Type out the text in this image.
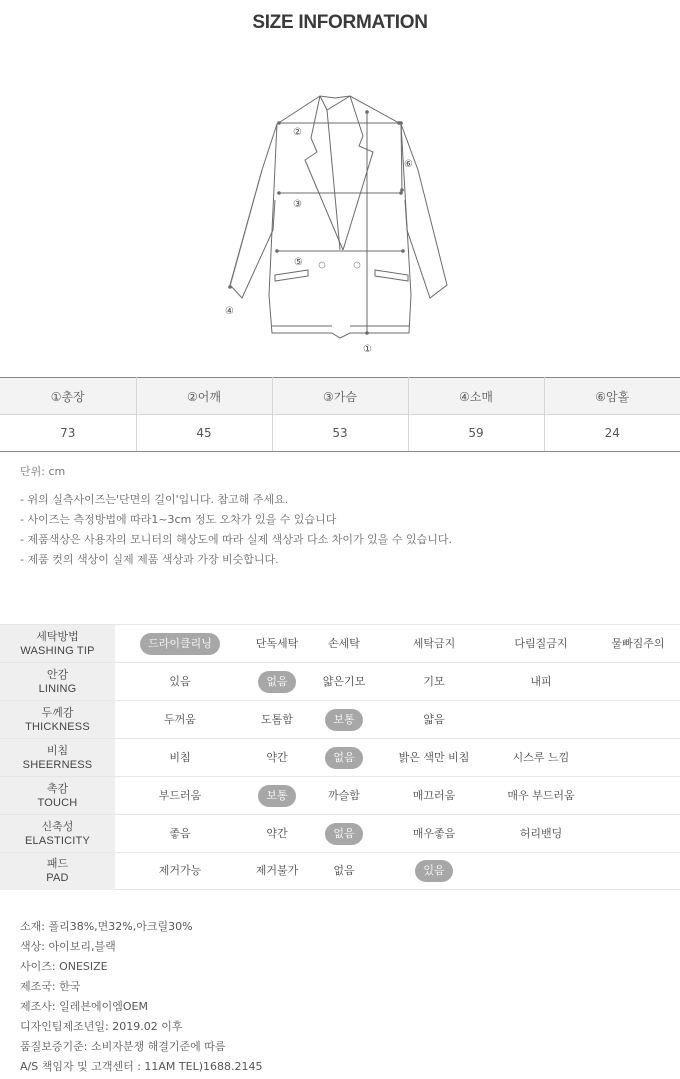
SIZE INFORMATION
②
⑥
③
⑤
④
①
①총장	②어깨	③가슴	④소매	⑥암홀
73	45	53	59	24
단위: cm
- 위의 실측사이즈는'단면의 길이'입니다. 참고해 주세요.
- 사이즈는 측정방법에 따라1~3cm 정도 오차가 있을 수 있습니다
- 제품색상은 사용자의 모니터의 해상도에 따라 실제 색상과 다소 차이가 있을 수 있습니다.
- 제품 컷의 색상이 실제 제품 색상과 가장 비슷합니다.
세탁방법
WASHING TIP
드라이클리닝	단독세탁	손세탁	세탁금지	다림질금지	물빠짐주의
안감
LINING
있음	없음	얇은기모	기모	내피
두께감
THICKNESS
두꺼움	도톰함	보통	얇음
비침
SHEERNESS
비침	약간	없음	밝은 색만 비침	시스루 느낌
촉감
TOUCH
부드러움	보통	까슬함	매끄러움	매우 부드러움
신축성
ELASTICITY
좋음	약간	없음	매우좋음	허리밴딩
패드
PAD
제거가능	제거불가	없음	있음
소재: 폴리38%,면32%,아크릴30%
색상: 아이보리,블랙
사이즈: ONESIZE
제조국: 한국
제조사: 일레븐에이엠OEM
디자인팀제조년일: 2019.02 이후
품질보증기준: 소비자분쟁 해결기준에 따름
A/S 책임자 및 고객센터 : 11AM TEL)1688.2145
